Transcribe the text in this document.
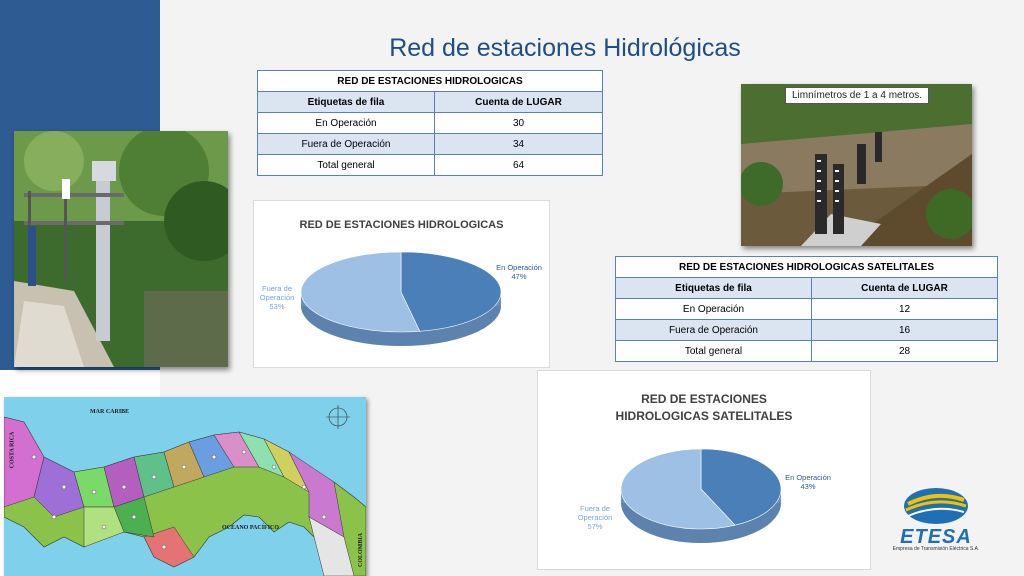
Red de estaciones Hidrológicas
RED DE ESTACIONES HIDROLOGICAS	
Etiquetas de fila	Cuenta de LUGAR
En Operación	30
Fuera de Operación	34
Total general	64
RED DE ESTACIONES HIDROLOGICAS SATELITALES	
Etiquetas de fila	Cuenta de LUGAR
En Operación	12
Fuera de Operación	16
Total general	28
RED DE ESTACIONES HIDROLOGICAS
En Operación
47%
Fuera de
Operación
53%
RED DE ESTACIONES HIDROLOGICAS SATELITALES
En Operación
43%
Fuera de
Operación
57%
Limnímetros de 1 a 4 metros.
MAR CARIBE
OCÉANO PACÍFICO
COSTA RICA
COLOMBIA	ETESA
Empresa de Transmisión Eléctrica S.A.
